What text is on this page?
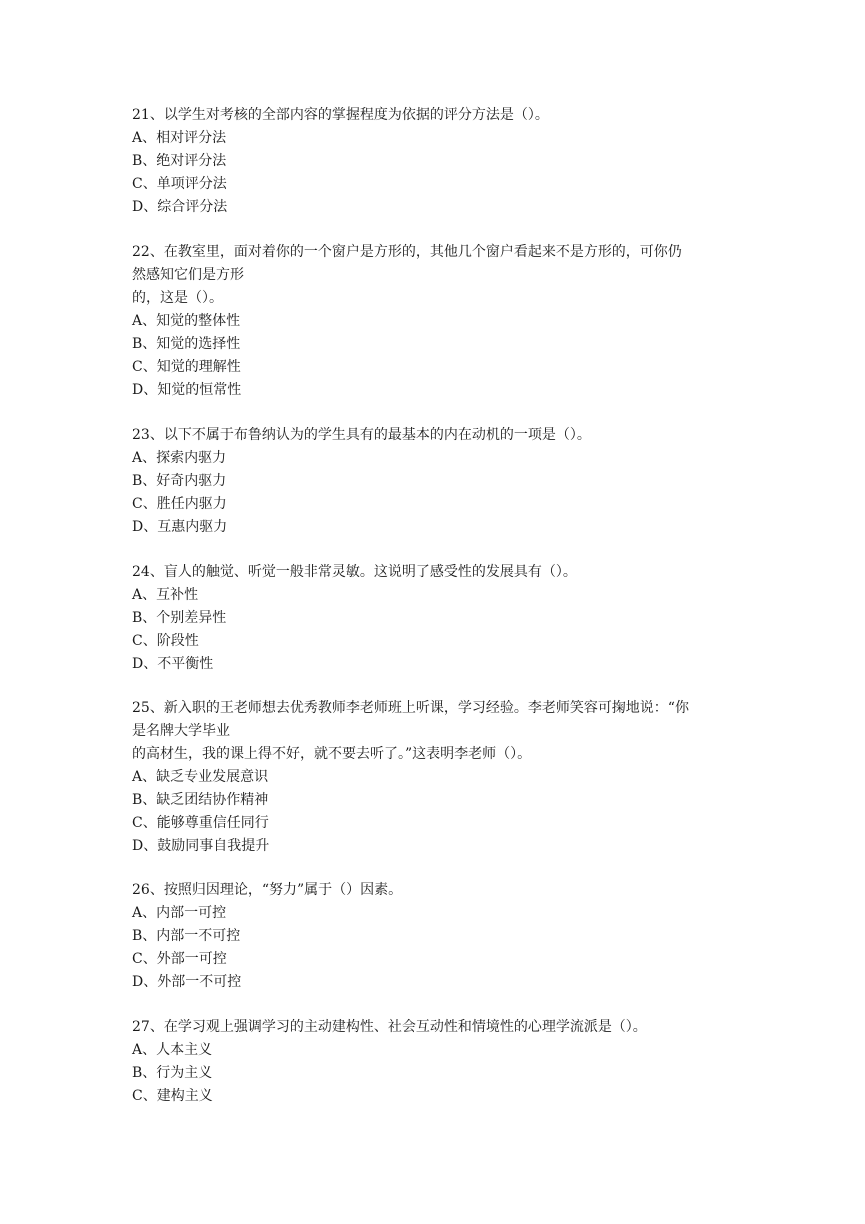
21、以学生对考核的全部内容的掌握程度为依据的评分方法是（）。
A、相对评分法
B、绝对评分法
C、单项评分法
D、综合评分法
22、在教室里，面对着你的一个窗户是方形的，其他几个窗户看起来不是方形的，可你仍
然感知它们是方形
的，这是（）。
A、知觉的整体性
B、知觉的选择性
C、知觉的理解性
D、知觉的恒常性
23、以下不属于布鲁纳认为的学生具有的最基本的内在动机的一项是（）。
A、探索内驱力
B、好奇内驱力
C、胜任内驱力
D、互惠内驱力
24、盲人的触觉、听觉一般非常灵敏。这说明了感受性的发展具有（）。
A、互补性
B、个别差异性
C、阶段性
D、不平衡性
25、新入职的王老师想去优秀教师李老师班上听课，学习经验。李老师笑容可掬地说：“你
是名牌大学毕业
的高材生，我的课上得不好，就不要去听了。”这表明李老师（）。
A、缺乏专业发展意识
B、缺乏团结协作精神
C、能够尊重信任同行
D、鼓励同事自我提升
26、按照归因理论，“努力”属于（）因素。
A、内部一可控
B、内部一不可控
C、外部一可控
D、外部一不可控
27、在学习观上强调学习的主动建构性、社会互动性和情境性的心理学流派是（）。
A、人本主义
B、行为主义
C、建构主义
